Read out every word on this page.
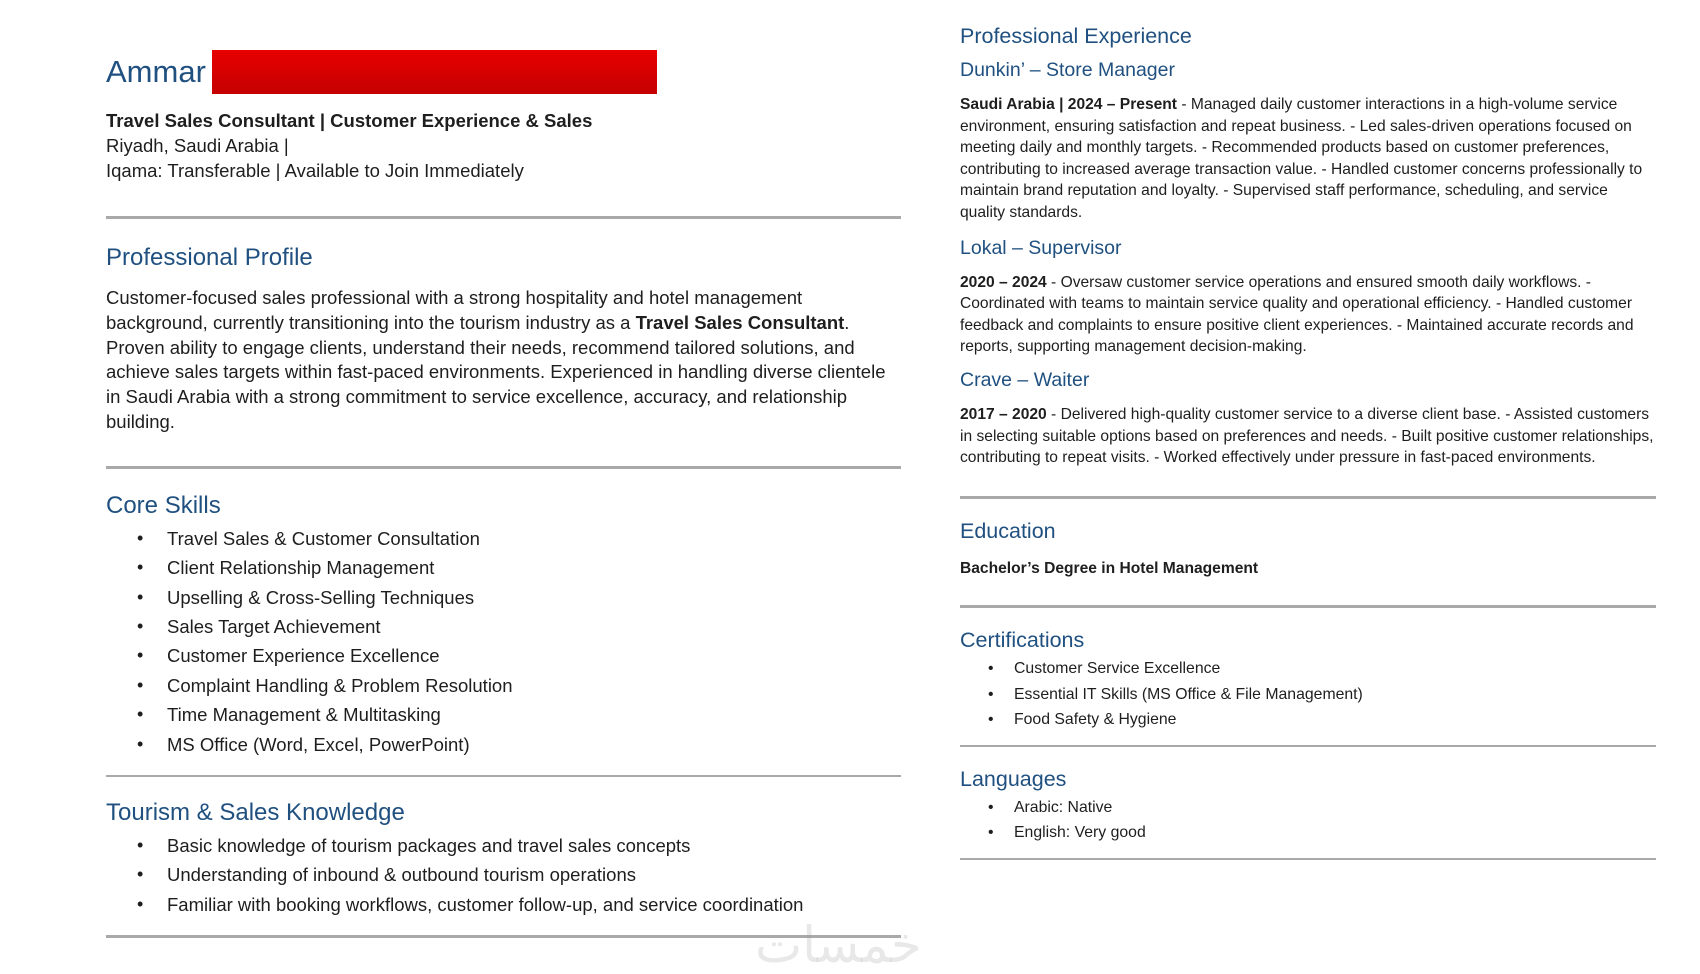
Ammar
Travel Sales Consultant | Customer Experience & Sales
Riyadh, Saudi Arabia |
Iqama: Transferable | Available to Join Immediately
Professional Profile

Customer-focused sales professional with a strong hospitality and hotel management background, currently transitioning into the tourism industry as a Travel Sales Consultant. Proven ability to engage clients, understand their needs, recommend tailored solutions, and achieve sales targets within fast-paced environments. Experienced in handling diverse clientele in Saudi Arabia with a strong commitment to service excellence, accuracy, and relationship building.

Core Skills
• Travel Sales & Customer Consultation
• Client Relationship Management
• Upselling & Cross-Selling Techniques
• Sales Target Achievement
• Customer Experience Excellence
• Complaint Handling & Problem Resolution
• Time Management & Multitasking
• MS Office (Word, Excel, PowerPoint)
Tourism & Sales Knowledge
• Basic knowledge of tourism packages and travel sales concepts
• Understanding of inbound & outbound tourism operations
• Familiar with booking workflows, customer follow-up, and service coordination
Professional Experience
Dunkin’ – Store Manager

Saudi Arabia | 2024 – Present - Managed daily customer interactions in a high-volume service environment, ensuring satisfaction and repeat business. - Led sales-driven operations focused on meeting daily and monthly targets. - Recommended products based on customer preferences, contributing to increased average transaction value. - Handled customer concerns professionally to maintain brand reputation and loyalty. - Supervised staff performance, scheduling, and service quality standards.

Lokal – Supervisor

2020 – 2024 - Oversaw customer service operations and ensured smooth daily workflows. - Coordinated with teams to maintain service quality and operational efficiency. - Handled customer feedback and complaints to ensure positive client experiences. - Maintained accurate records and reports, supporting management decision-making.

Crave – Waiter

2017 – 2020 - Delivered high-quality customer service to a diverse client base. - Assisted customers in selecting suitable options based on preferences and needs. - Built positive customer relationships, contributing to repeat visits. - Worked effectively under pressure in fast-paced environments.

Education

Bachelor’s Degree in Hotel Management

Certifications
• Customer Service Excellence
• Essential IT Skills (MS Office & File Management)
• Food Safety & Hygiene
Languages
• Arabic: Native
• English: Very good
خمسات
